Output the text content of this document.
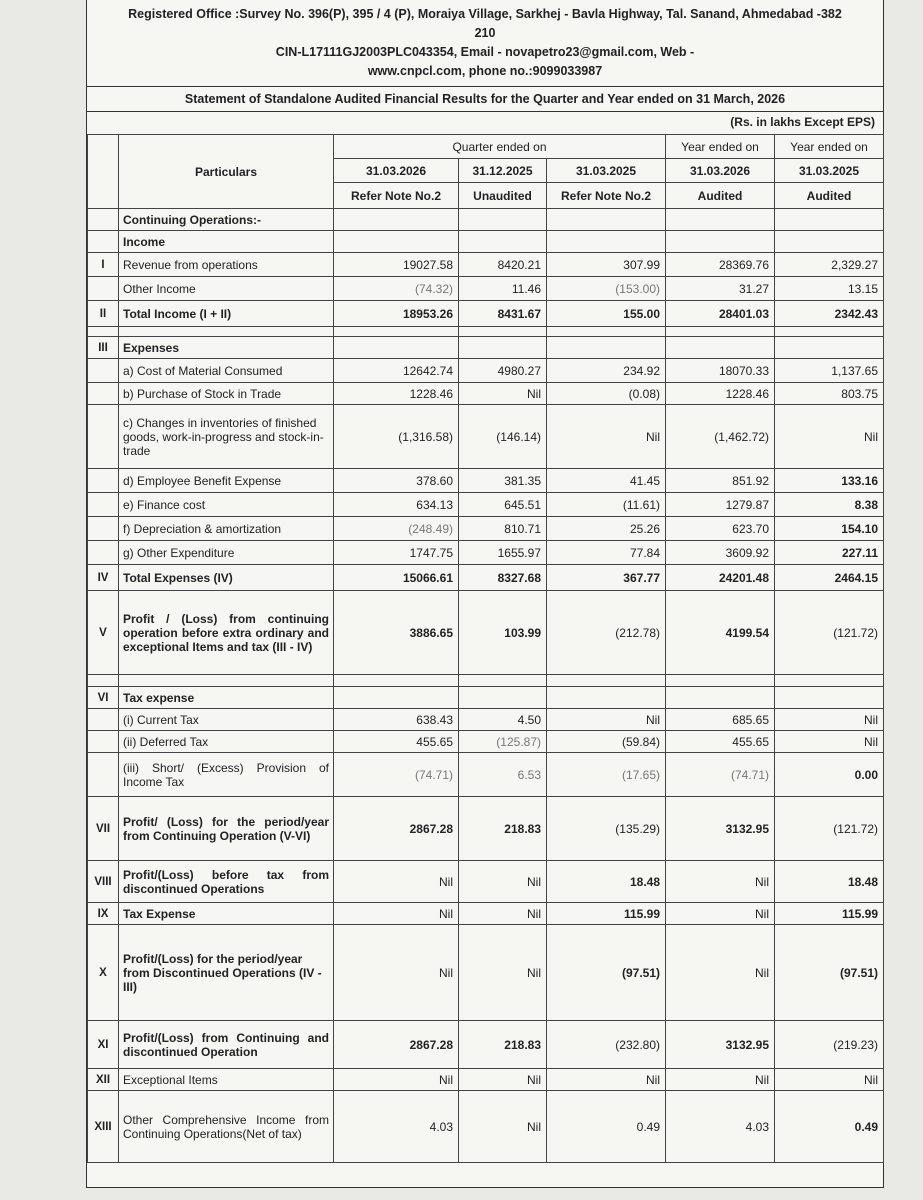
Registered Office :Survey No. 396(P), 395 / 4 (P), Moraiya Village, Sarkhej - Bavla Highway, Tal. Sanand, Ahmedabad -382
210
CIN-L17111GJ2003PLC043354, Email - novapetro23@gmail.com, Web -
www.cnpcl.com, phone no.:9099033987
Statement of Standalone Audited Financial Results for the Quarter and Year ended on 31 March, 2026
(Rs. in lakhs Except EPS)
	Particulars	Quarter ended on			Year ended on	Year ended on
		31.03.2026	31.12.2025	31.03.2025	31.03.2026	31.03.2025
		Refer Note No.2	Unaudited	Refer Note No.2	Audited	Audited
	Continuing Operations:-					
	Income					
I	Revenue from operations	19027.58	8420.21	307.99	28369.76	2,329.27
	Other Income	(74.32)	11.46	(153.00)	31.27	13.15
II	Total Income (I + II)	18953.26	8431.67	155.00	28401.03	2342.43

III	Expenses					
	a) Cost of Material Consumed	12642.74	4980.27	234.92	18070.33	1,137.65
	b) Purchase of Stock in Trade	1228.46	Nil	(0.08)	1228.46	803.75
	c) Changes in inventories of finished goods, work-in-progress and stock-in-trade	(1,316.58)	(146.14)	Nil	(1,462.72)	Nil
	d) Employee Benefit Expense	378.60	381.35	41.45	851.92	133.16
	e) Finance cost	634.13	645.51	(11.61)	1279.87	8.38
	f) Depreciation & amortization	(248.49)	810.71	25.26	623.70	154.10
	g) Other Expenditure	1747.75	1655.97	77.84	3609.92	227.11
IV	Total Expenses (IV)	15066.61	8327.68	367.77	24201.48	2464.15
V	Profit / (Loss) from continuing operation before extra ordinary and exceptional Items and tax (III - IV)	3886.65	103.99	(212.78)	4199.54	(121.72)

VI	Tax expense					
	(i) Current Tax	638.43	4.50	Nil	685.65	Nil
	(ii) Deferred Tax	455.65	(125.87)	(59.84)	455.65	Nil
	(iii) Short/ (Excess) Provision of Income Tax	(74.71)	6.53	(17.65)	(74.71)	0.00
VII	Profit/ (Loss) for the period/year from Continuing Operation (V-VI)	2867.28	218.83	(135.29)	3132.95	(121.72)
VIII	Profit/(Loss) before tax from discontinued Operations	Nil	Nil	18.48	Nil	18.48
IX	Tax Expense	Nil	Nil	115.99	Nil	115.99
X	Profit/(Loss) for the period/year from Discontinued Operations (IV - III)	Nil	Nil	(97.51)	Nil	(97.51)
XI	Profit/(Loss) from Continuing and discontinued Operation	2867.28	218.83	(232.80)	3132.95	(219.23)
XII	Exceptional Items	Nil	Nil	Nil	Nil	Nil
XIII	Other Comprehensive Income from Continuing Operations(Net of tax)	4.03	Nil	0.49	4.03	0.49
